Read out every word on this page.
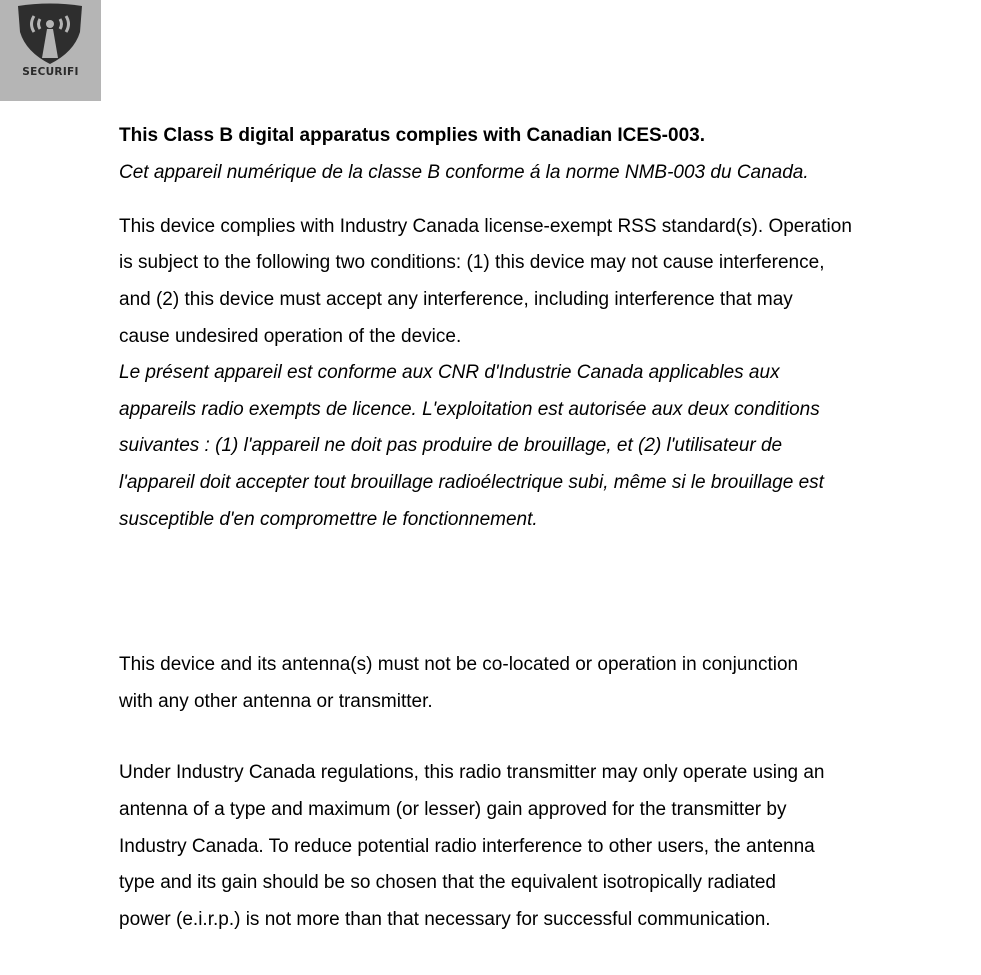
SECURIFI

This Class B digital apparatus complies with Canadian ICES-003.

Cet appareil numérique de la classe B conforme á la norme NMB-003 du Canada.

This device complies with Industry Canada license-exempt RSS standard(s). Operation
is subject to the following two conditions: (1) this device may not cause interference,
and (2) this device must accept any interference, including interference that may
cause undesired operation of the device.
Le présent appareil est conforme aux CNR d'Industrie Canada applicables aux
appareils radio exempts de licence. L'exploitation est autorisée aux deux conditions
suivantes : (1) l'appareil ne doit pas produire de brouillage, et (2) l'utilisateur de
l'appareil doit accepter tout brouillage radioélectrique subi, même si le brouillage est
susceptible d'en compromettre le fonctionnement.
This device and its antenna(s) must not be co-located or operation in conjunction
with any other antenna or transmitter.
Under Industry Canada regulations, this radio transmitter may only operate using an
antenna of a type and maximum (or lesser) gain approved for the transmitter by
Industry Canada. To reduce potential radio interference to other users, the antenna
type and its gain should be so chosen that the equivalent isotropically radiated
power (e.i.r.p.) is not more than that necessary for successful communication.
